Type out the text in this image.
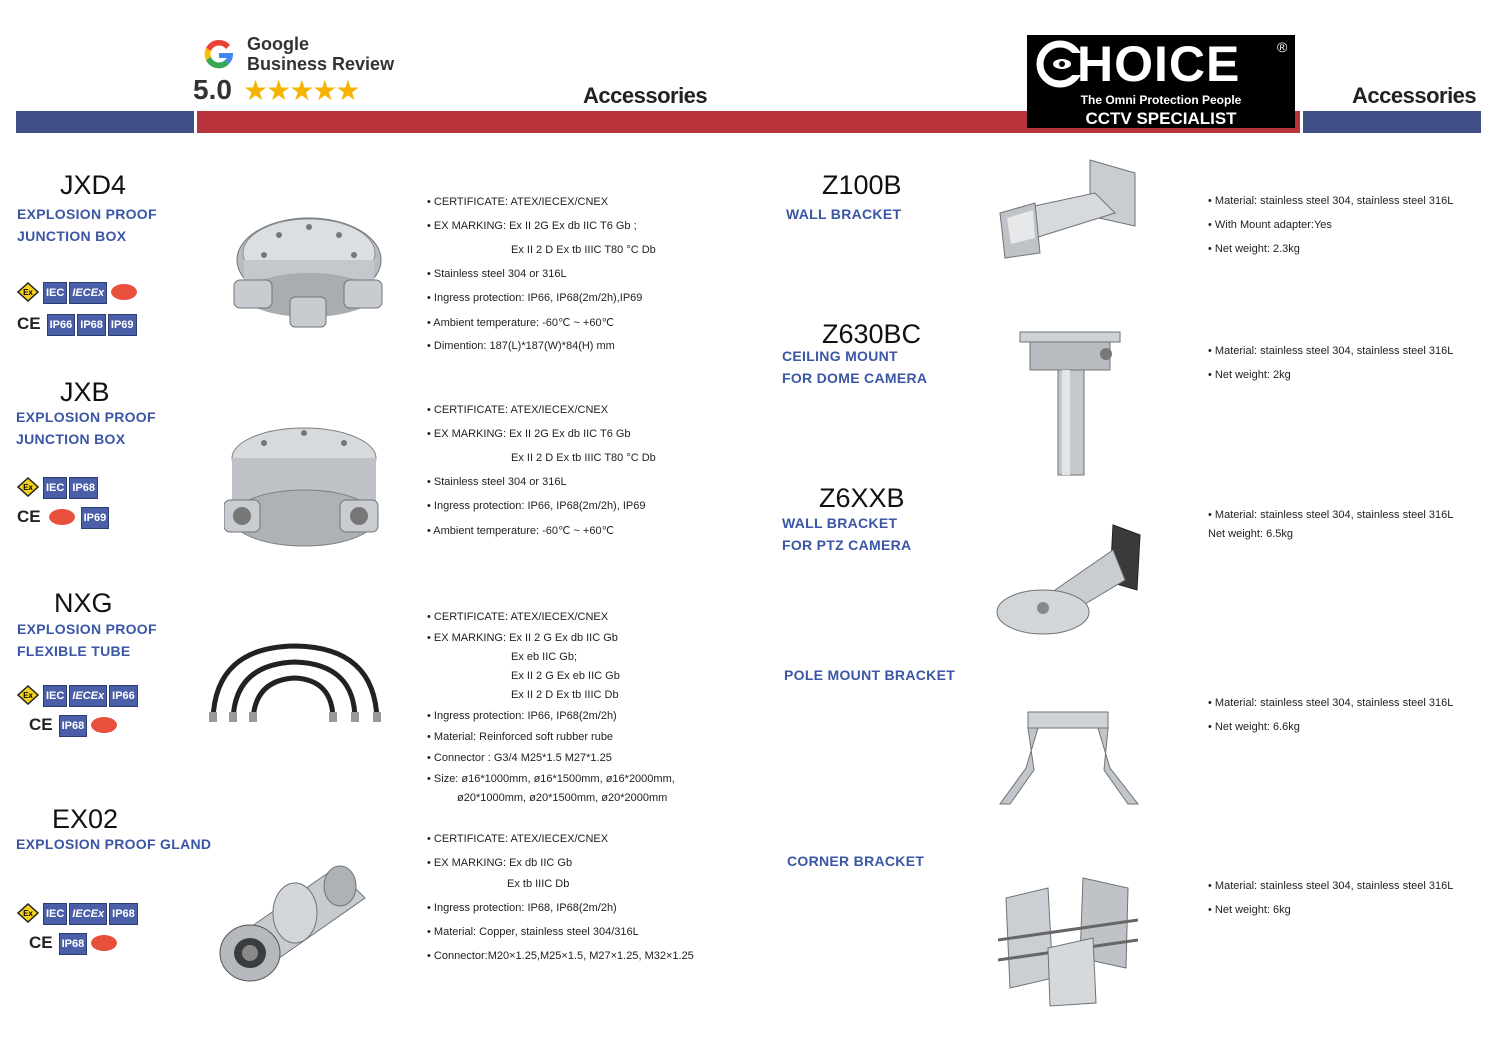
Google
Business Review
5.0 ★★★★★	Accessories	Accessories
HOICE	®
The Omni Protection People
CCTV SPECIALIST
JXD4
EXPLOSION PROOF
JUNCTION BOX
Ex IEC IECEx
CE IP66 IP68 IP69
• CERTIFICATE: ATEX/IECEX/CNEX
• EX MARKING: Ex II 2G Ex db IIC T6 Gb ;
Ex II 2 D Ex tb IIIC T80 °C Db
• Stainless steel 304 or 316L
• Ingress protection: IP66, IP68(2m/2h),IP69
• Ambient temperature: -60℃ ~ +60℃
• Dimention: 187(L)*187(W)*84(H) mm
JXB
EXPLOSION PROOF
JUNCTION BOX
Ex IEC IP68
CE	IP69
• CERTIFICATE: ATEX/IECEX/CNEX
• EX MARKING: Ex II 2G Ex db IIC T6 Gb
Ex II 2 D Ex tb IIIC T80 °C Db
• Stainless steel 304 or 316L
• Ingress protection: IP66, IP68(2m/2h), IP69
• Ambient temperature: -60℃ ~ +60℃
NXG
EXPLOSION PROOF
FLEXIBLE TUBE
Ex IEC IECEx IP66
CE IP68
• CERTIFICATE: ATEX/IECEX/CNEX
• EX MARKING: Ex II 2 G Ex db IIC Gb
Ex eb IIC Gb;
Ex II 2 G Ex eb IIC Gb
Ex II 2 D Ex tb IIIC Db
• Ingress protection: IP66, IP68(2m/2h)
• Material: Reinforced soft rubber rube
• Connector : G3/4 M25*1.5 M27*1.25
• Size: ø16*1000mm, ø16*1500mm, ø16*2000mm,
ø20*1000mm, ø20*1500mm, ø20*2000mm
EX02
EXPLOSION PROOF GLAND
Ex IEC IECEx IP68
CE IP68
• CERTIFICATE: ATEX/IECEX/CNEX
• EX MARKING: Ex db IIC Gb
Ex tb IIIC Db
• Ingress protection: IP68, IP68(2m/2h)
• Material: Copper, stainless steel 304/316L
• Connector:M20×1.25,M25×1.5, M27×1.25, M32×1.25
Z100B
WALL BRACKET
• Material: stainless steel 304, stainless steel 316L
• With Mount adapter:Yes
• Net weight: 2.3kg
Z630BC
CEILING MOUNT
FOR DOME CAMERA
• Material: stainless steel 304, stainless steel 316L
• Net weight: 2kg
Z6XXB
WALL BRACKET
FOR PTZ CAMERA
• Material: stainless steel 304, stainless steel 316L
Net weight: 6.5kg
POLE MOUNT BRACKET
• Material: stainless steel 304, stainless steel 316L
• Net weight: 6.6kg
CORNER BRACKET
• Material: stainless steel 304, stainless steel 316L
• Net weight: 6kg
